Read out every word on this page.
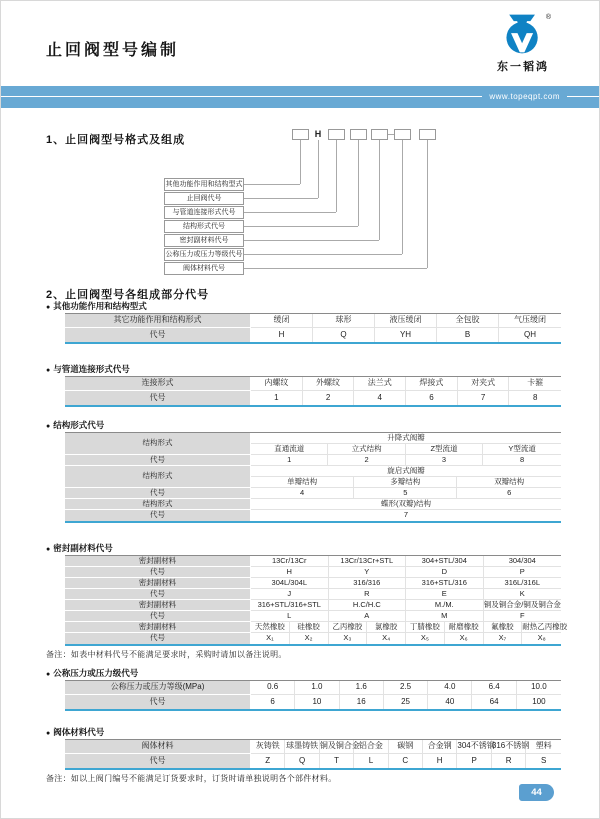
止回阀型号编制
®
东一韬鸿
www.topeqpt.com
1、止回阀型号格式及组成	H
其他功能作用和结构型式
止回阀代号
与管道连接形式代号
结构形式代号
密封副材料代号
公称压力或压力等级代号
阀体材料代号
2、止回阀型号各组成部分代号
● 其他功能作用和结构型式
其它功能作用和结构形式	缓闭	球形	液压缓闭	全包胶	气压缓闭
代号	H	Q	YH	B	QH
● 与管道连接形式代号
连接形式	内螺纹	外螺纹	法兰式	焊接式	对夹式	卡箍
代号	1	2	4	6	7	8
● 结构形式代号
结构形式	升降式阀瓣					
	直通流道	立式结构		Z型流道		Y型流道
代号	1	2		3		8
结构形式	旋启式阀瓣					
	单瓣结构		多瓣结构		双瓣结构	
代号	4		5		6	
结构形式	蝶形(双瓣)结构					
代号	7					
● 密封副材料代号
密封副材料	13Cr/13Cr		13Cr/13Cr+STL		304+STL/304		304/304	
代号	H		Y		D		P	
密封副材料	304L/304L		316/316		316+STL/316		316L/316L	
代号	J		R		E		K	
密封副材料	316+STL/316+STL		H.C/H.C		M./M.		铜及铜合金/铜及铜合金	
代号	L		A		M		F	
密封副材料	天然橡胶	硅橡胶	乙丙橡胶	氯橡胶	丁腈橡胶	耐磨橡胶	氟橡胶	耐热乙丙橡胶
代号	X₁	X₂	X₃	X₄	X₅	X₆	X₇	X₈
备注：如表中材料代号不能满足要求时，采购时请加以备注说明。
● 公称压力或压力级代号
公称压力或压力等级(MPa)	0.6	1.0	1.6	2.5	4.0	6.4	10.0
代号	6	10	16	25	40	64	100
● 阀体材料代号
阀体材料	灰铸铁	球墨铸铁	铜及铜合金	铝合金	碳钢	合金钢	304不锈钢	316不锈钢	塑料
代号	Z	Q	T	L	C	H	P	R	S
备注：如以上阀门编号不能满足订货要求时，订货时请单独说明各个部件材料。
44
